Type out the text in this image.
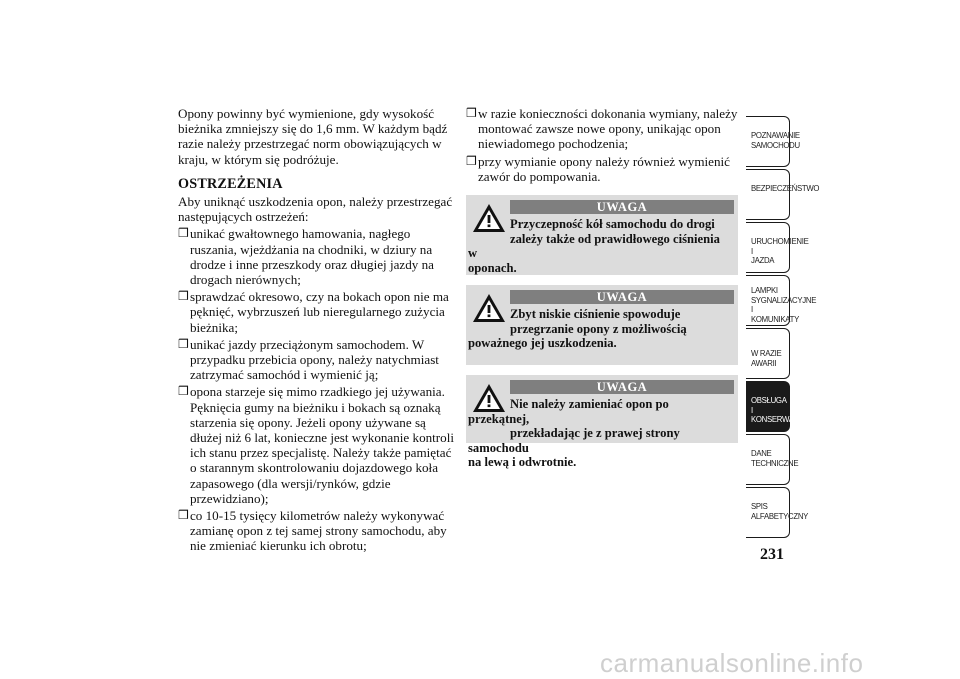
Opony powinny być wymienione, gdy wysokość bieżnika zmniejszy się do 1,6 mm. W każdym bądź razie należy przestrzegać norm obowiązujących w kraju, w którym się podróżuje.

OSTRZEŻENIA

Aby uniknąć uszkodzenia opon, należy przestrzegać następujących ostrzeżeń:

❒ unikać gwałtownego hamowania, nagłego ruszania, wjeżdżania na chodniki, w dziury na drodze i inne przeszkody oraz długiej jazdy na drogach nierównych;

❒ sprawdzać okresowo, czy na bokach opon nie ma pęknięć, wybrzuszeń lub nieregularnego zużycia bieżnika;

❒ unikać jazdy przeciążonym samochodem. W przypadku przebicia opony, należy natychmiast zatrzymać samochód i wymienić ją;

❒ opona starzeje się mimo rzadkiego jej używania. Pęknięcia gumy na bieżniku i bokach są oznaką starzenia się opony. Jeżeli opony używane są dłużej niż 6 lat, konieczne jest wykonanie kontroli ich stanu przez specjalistę. Należy także pamiętać o starannym skontrolowaniu dojazdowego koła zapasowego (dla wersji/rynków, gdzie przewidziano);

❒ co 10-15 tysięcy kilometrów należy wykonywać zamianę opon z tej samej strony samochodu, aby nie zmieniać kierunku ich obrotu;

❒ w razie konieczności dokonania wymiany, należy montować zawsze nowe opony, unikając opon niewiadomego pochodzenia;

❒ przy wymianie opony należy również wymienić zawór do pompowania.

UWAGA
Przyczepność kół samochodu do drogi
zależy także od prawidłowego ciśnienia w
oponach.
UWAGA
Zbyt niskie ciśnienie spowoduje
przegrzanie opony z możliwością
poważnego jej uszkodzenia.
UWAGA
Nie należy zamieniać opon po przekątnej,
przekładając je z prawej strony samochodu
na lewą i odwrotnie.
POZNAWANIE
SAMOCHODU
BEZPIECZEŃSTWO
URUCHOMIENIE I
JAZDA
LAMPKI
SYGNALIZACYJNE
I KOMUNIKATY
W RAZIE AWARII
OBSŁUGA I
KONSERWACJA
DANE
TECHNICZNE
SPIS
ALFABETYCZNY
231
carmanualsonline.info
